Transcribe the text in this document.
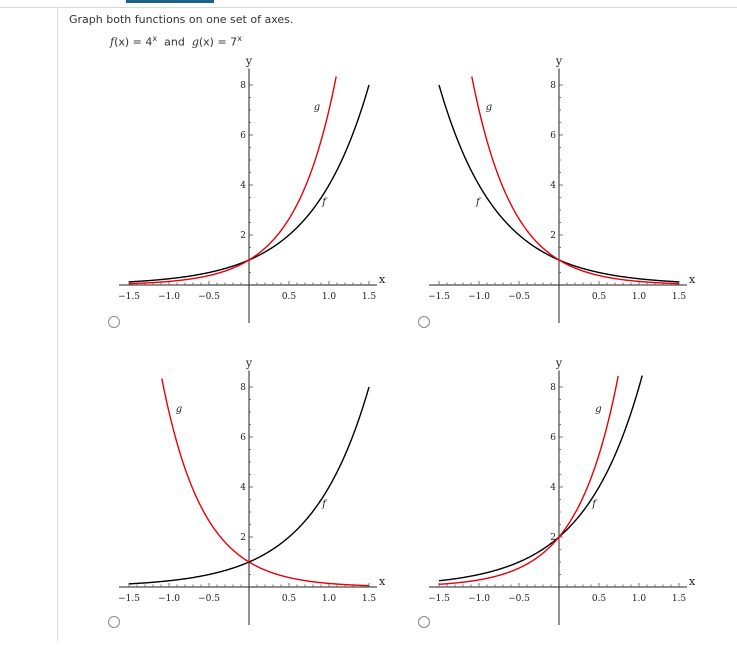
Graph both functions on one set of axes.
$f(x) = 4^x$ and $g(x) = 7^x$
−1.5 −1.0 −0.5	0.5	1.0	1.5
2
4
6
8
x
y
f
g
−1.5 −1.0 −0.5	0.5	1.0	1.5
2
4
6
8
x
y
f
g
−1.5 −1.0 −0.5	0.5	1.0	1.5
2
4
6
8
x
y
f
g
−1.5 −1.0 −0.5	0.5	1.0	1.5
2
4
6
8
x
y
f
g
